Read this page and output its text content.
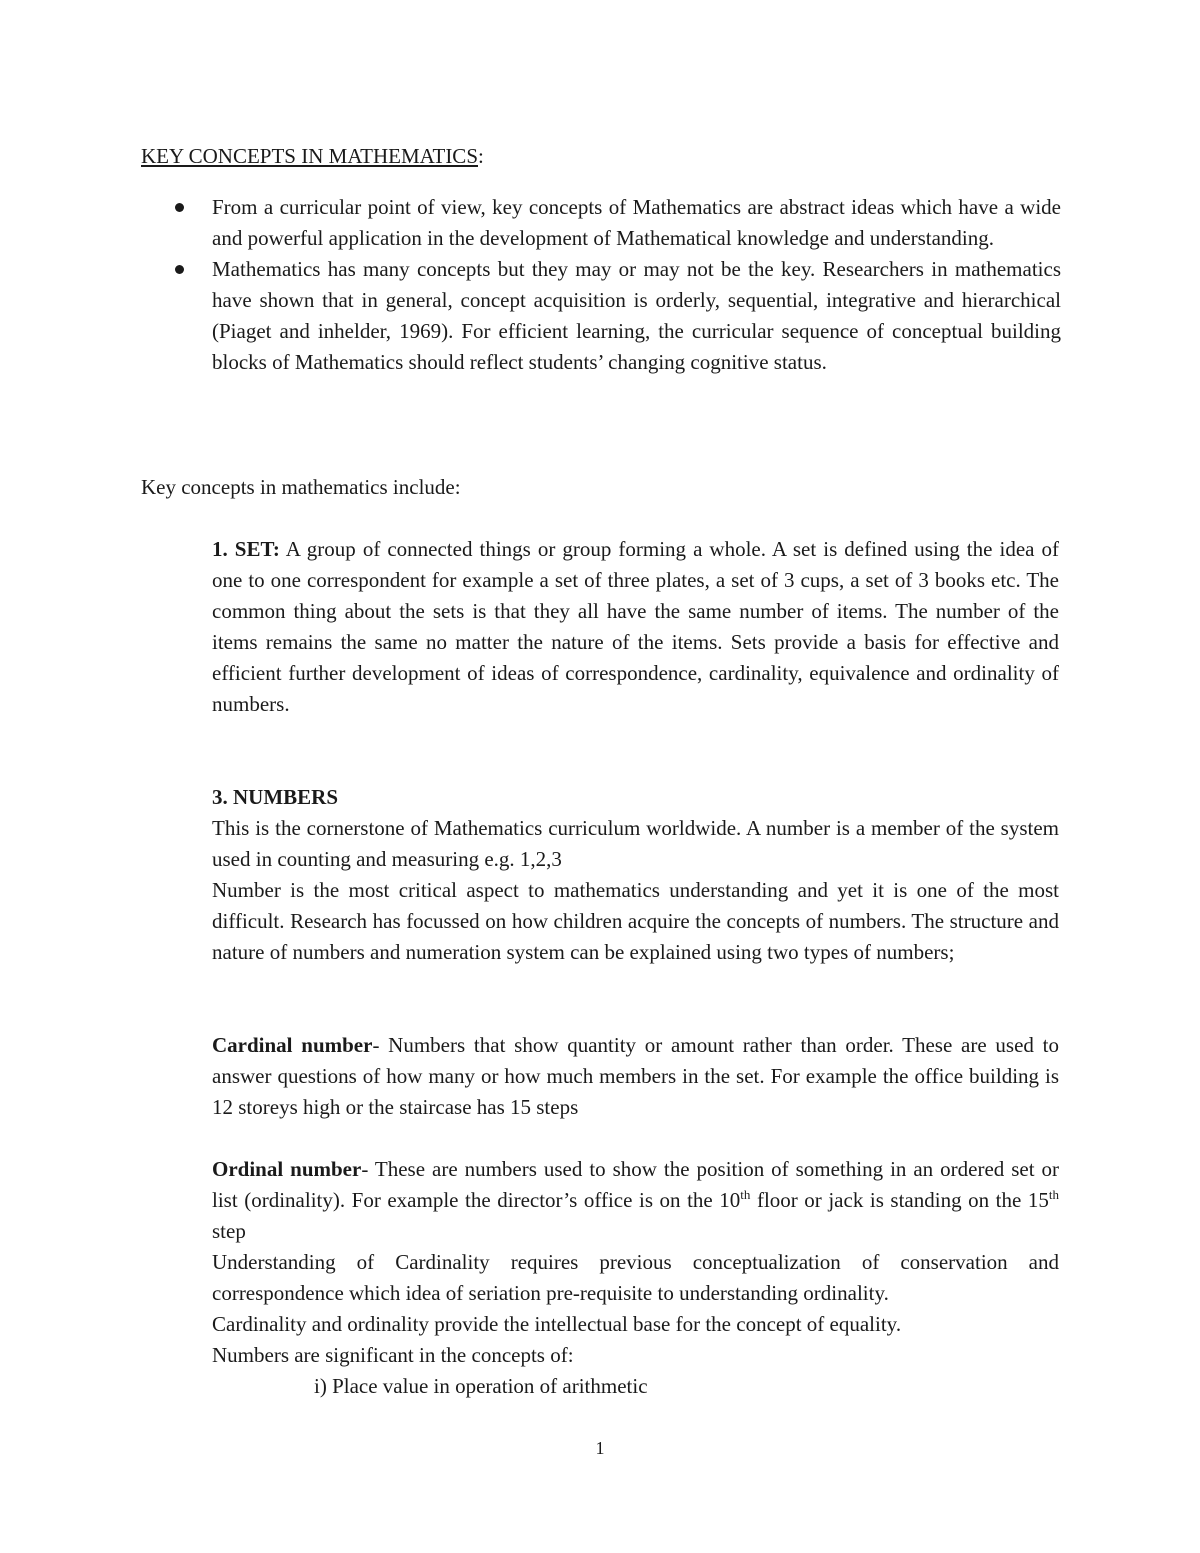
KEY CONCEPTS IN MATHEMATICS:
From a curricular point of view, key concepts of Mathematics are abstract ideas which have a wide and powerful application in the development of Mathematical knowledge and understanding.
Mathematics has many concepts but they may or may not be the key. Researchers in mathematics have shown that in general, concept acquisition is orderly, sequential, integrative and hierarchical (Piaget and inhelder, 1969). For efficient learning, the curricular sequence of conceptual building blocks of Mathematics should reflect students’ changing cognitive status.

Key concepts in mathematics include:

1. SET: A group of connected things or group forming a whole. A set is defined using the idea of one to one correspondent for example a set of three plates, a set of 3 cups, a set of 3 books etc. The common thing about the sets is that they all have the same number of items. The number of the items remains the same no matter the nature of the items. Sets provide a basis for effective and efficient further development of ideas of correspondence, cardinality, equivalence and ordinality of numbers.

3. NUMBERS

This is the cornerstone of Mathematics curriculum worldwide. A number is a member of the system used in counting and measuring e.g. 1,2,3

Number is the most critical aspect to mathematics understanding and yet it is one of the most difficult. Research has focussed on how children acquire the concepts of numbers. The structure and nature of numbers and numeration system can be explained using two types of numbers;

Cardinal number- Numbers that show quantity or amount rather than order. These are used to answer questions of how many or how much members in the set. For example the office building is 12 storeys high or the staircase has 15 steps

Ordinal number- These are numbers used to show the position of something in an ordered set or list (ordinality). For example the director’s office is on the 10th floor or jack is standing on the 15th step

Understanding of Cardinality requires previous conceptualization of conservation and correspondence which idea of seriation pre-requisite to understanding ordinality.

Cardinality and ordinality provide the intellectual base for the concept of equality.

Numbers are significant in the concepts of:

i) Place value in operation of arithmetic

1
